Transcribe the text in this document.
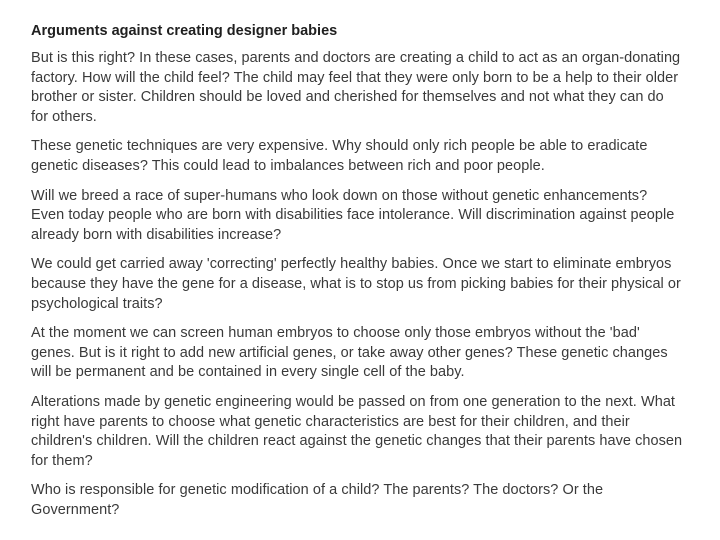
Arguments against creating designer babies

But is this right? In these cases, parents and doctors are creating a child to act as an organ-donating factory. How will the child feel? The child may feel that they were only born to be a help to their older brother or sister. Children should be loved and cherished for themselves and not what they can do for others.

These genetic techniques are very expensive. Why should only rich people be able to eradicate genetic diseases? This could lead to imbalances between rich and poor people.

Will we breed a race of super-humans who look down on those without genetic enhancements? Even today people who are born with disabilities face intolerance. Will discrimination against people already born with disabilities increase?

We could get carried away 'correcting' perfectly healthy babies. Once we start to eliminate embryos because they have the gene for a disease, what is to stop us from picking babies for their physical or psychological traits?

At the moment we can screen human embryos to choose only those embryos without the 'bad' genes. But is it right to add new artificial genes, or take away other genes? These genetic changes will be permanent and be contained in every single cell of the baby.

Alterations made by genetic engineering would be passed on from one generation to the next. What right have parents to choose what genetic characteristics are best for their children, and their children's children. Will the children react against the genetic changes that their parents have chosen for them?

Who is responsible for genetic modification of a child? The parents? The doctors? Or the Government?
